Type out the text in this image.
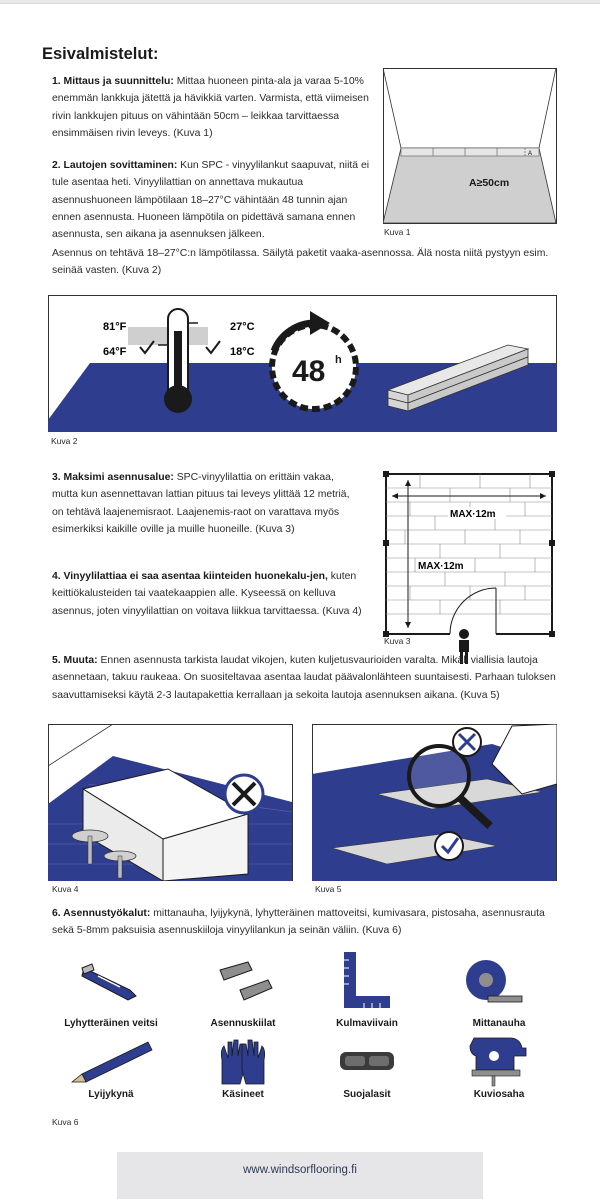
Esivalmistelut:
1. Mittaus ja suunnittelu: Mittaa huoneen pinta-ala ja varaa 5-10% enemmän lankkuja jätettä ja hävikkiä varten. Varmista, että viimeisen rivin lankkujen pituus on vähintään 50cm – leikkaa tarvittaessa ensimmäisen rivin leveys. (Kuva 1)
2. Lautojen sovittaminen: Kun SPC - vinyylilankut saapuvat, niitä ei tule asentaa heti. Vinyylilattian on annettava mukautua asennushuoneen lämpötilaan 18–27°C vähintään 48 tunnin ajan ennen asennusta. Huoneen lämpötila on pidettävä samana ennen asennusta, sen aikana ja asennuksen jälkeen.
Asennus on tehtävä 18–27°C:n lämpötilassa. Säilytä paketit vaaka-asennossa. Älä nosta niitä pystyyn esim. seinää vasten. (Kuva 2)
A
A≥50cm
Kuva 1
81°F
64°F
27°C
18°C
48 h
Kuva 2
3. Maksimi asennusalue: SPC-vinyylilattia on erittäin vakaa, mutta kun asennettavan lattian pituus tai leveys ylittää 12 metriä, on tehtävä laajenemisraot. Laajenemis-raot on varattava myös esimerkiksi kaikille oville ja muille huoneille. (Kuva 3)
4. Vinyylilattiaa ei saa asentaa kiinteiden huonekalu-jen, kuten keittiökalusteiden tai vaatekaappien alle. Kyseessä on kelluva asennus, joten vinyylilattian on voitava liikkua tarvittaessa. (Kuva 4)
MAX·12m
MAX·12m
Kuva 3
5. Muuta: Ennen asennusta tarkista laudat vikojen, kuten kuljetusvaurioiden varalta. Mikäli viallisia lautoja asennetaan, takuu raukeaa. On suositeltavaa asentaa laudat päävalonlähteen suuntaisesti. Parhaan tuloksen saavuttamiseksi käytä 2-3 lautapakettia kerrallaan ja sekoita lautoja asennuksen aikana. (Kuva 5)
Kuva 4	Kuva 5
6. Asennustyökalut: mittanauha, lyijykynä, lyhytteräinen mattoveitsi, kumivasara, pistosaha, asennusrauta sekä 5-8mm paksuisia asennuskiiloja vinyylilankun ja seinän väliin. (Kuva 6)
Lyhytteräinen veitsi	Asennuskiilat	Kulmaviivain	Mittanauha
Lyijykynä	Käsineet	Suojalasit	Kuviosaha
Kuva 6
www.windsorflooring.fi
